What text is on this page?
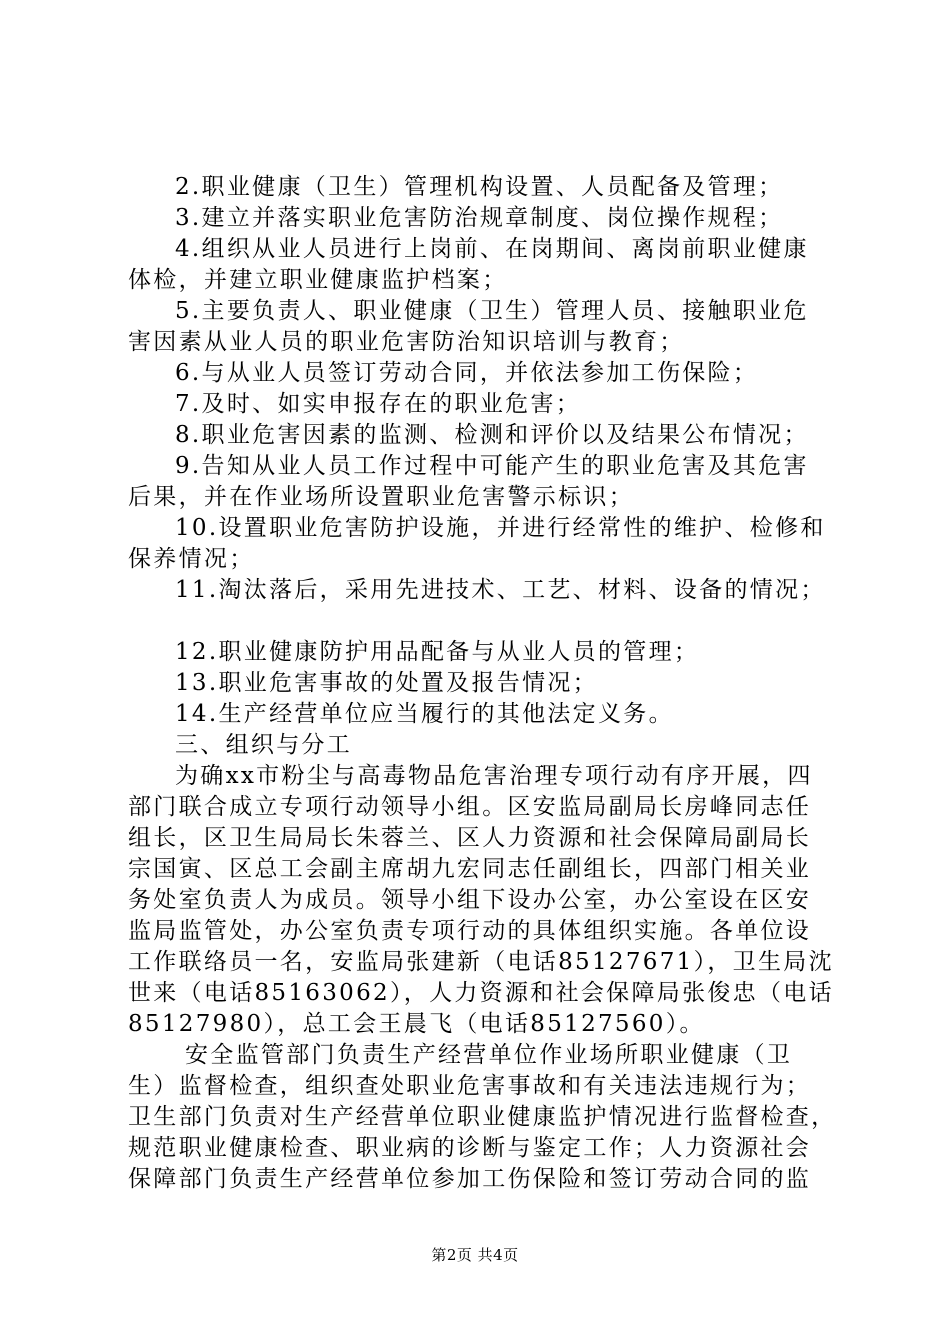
2.职业健康（卫生）管理机构设置、人员配备及管理；
3.建立并落实职业危害防治规章制度、岗位操作规程；
4.组织从业人员进行上岗前、在岗期间、离岗前职业健康
体检，并建立职业健康监护档案；
5.主要负责人、职业健康（卫生）管理人员、接触职业危
害因素从业人员的职业危害防治知识培训与教育；
6.与从业人员签订劳动合同，并依法参加工伤保险；
7.及时、如实申报存在的职业危害；
8.职业危害因素的监测、检测和评价以及结果公布情况；
9.告知从业人员工作过程中可能产生的职业危害及其危害
后果，并在作业场所设置职业危害警示标识；
10.设置职业危害防护设施，并进行经常性的维护、检修和
保养情况；
11.淘汰落后，采用先进技术、工艺、材料、设备的情况；
12.职业健康防护用品配备与从业人员的管理；
13.职业危害事故的处置及报告情况；
14.生产经营单位应当履行的其他法定义务。
三、组织与分工
为确xx市粉尘与高毒物品危害治理专项行动有序开展，四
部门联合成立专项行动领导小组。区安监局副局长房峰同志任
组长，区卫生局局长朱蓉兰、区人力资源和社会保障局副局长
宗国寅、区总工会副主席胡九宏同志任副组长，四部门相关业
务处室负责人为成员。领导小组下设办公室，办公室设在区安
监局监管处，办公室负责专项行动的具体组织实施。各单位设
工作联络员一名，安监局张建新（电话85127671），卫生局沈
世来（电话85163062），人力资源和社会保障局张俊忠（电话
85127980），总工会王晨飞（电话85127560）。
安全监管部门负责生产经营单位作业场所职业健康（卫
生）监督检查，组织查处职业危害事故和有关违法违规行为；
卫生部门负责对生产经营单位职业健康监护情况进行监督检查，
规范职业健康检查、职业病的诊断与鉴定工作；人力资源社会
保障部门负责生产经营单位参加工伤保险和签订劳动合同的监
第2页 共4页
